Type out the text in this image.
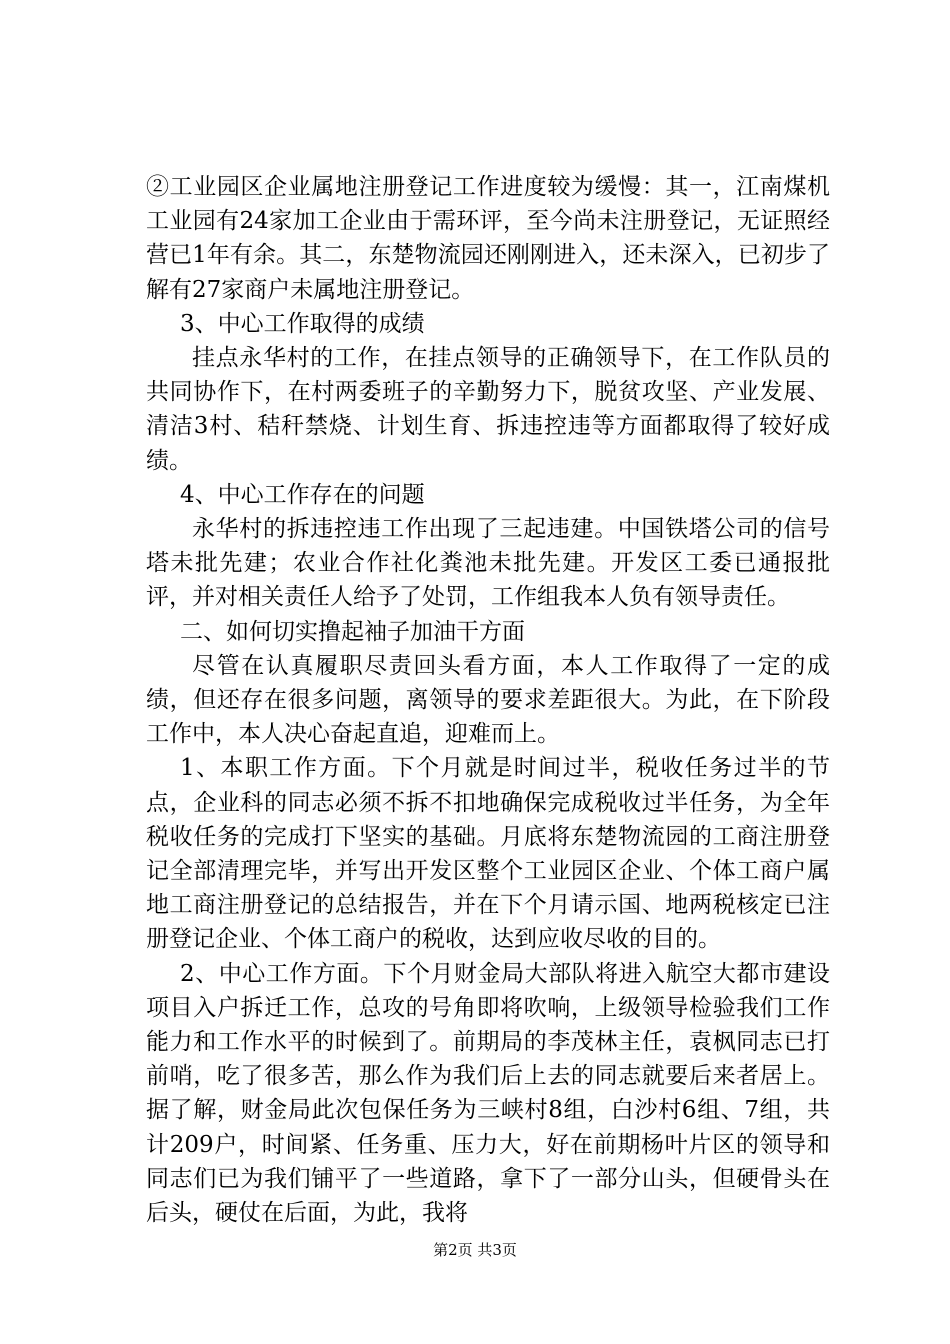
②工业园区企业属地注册登记工作进度较为缓慢：其一，江南煤机工业园有24家加工企业由于需环评，至今尚未注册登记，无证照经营已1年有余。其二，东楚物流园还刚刚进入，还未深入，已初步了解有27家商户未属地注册登记。

3、中心工作取得的成绩

挂点永华村的工作，在挂点领导的正确领导下，在工作队员的共同协作下，在村两委班子的辛勤努力下，脱贫攻坚、产业发展、清洁3村、秸秆禁烧、计划生育、拆违控违等方面都取得了较好成绩。

4、中心工作存在的问题

永华村的拆违控违工作出现了三起违建。中国铁塔公司的信号塔未批先建；农业合作社化粪池未批先建。开发区工委已通报批评，并对相关责任人给予了处罚，工作组我本人负有领导责任。

二、如何切实撸起袖子加油干方面

尽管在认真履职尽责回头看方面，本人工作取得了一定的成绩，但还存在很多问题，离领导的要求差距很大。为此，在下阶段工作中，本人决心奋起直追，迎难而上。

1、本职工作方面。下个月就是时间过半，税收任务过半的节点，企业科的同志必须不拆不扣地确保完成税收过半任务，为全年税收任务的完成打下坚实的基础。月底将东楚物流园的工商注册登记全部清理完毕，并写出开发区整个工业园区企业、个体工商户属地工商注册登记的总结报告，并在下个月请示国、地两税核定已注册登记企业、个体工商户的税收，达到应收尽收的目的。

2、中心工作方面。下个月财金局大部队将进入航空大都市建设项目入户拆迁工作，总攻的号角即将吹响，上级领导检验我们工作能力和工作水平的时候到了。前期局的李茂林主任，袁枫同志已打前哨，吃了很多苦，那么作为我们后上去的同志就要后来者居上。据了解，财金局此次包保任务为三峡村8组，白沙村6组、7组，共计209户，时间紧、任务重、压力大，好在前期杨叶片区的领导和同志们已为我们铺平了一些道路，拿下了一部分山头，但硬骨头在后头，硬仗在后面，为此，我将

第2页 共3页
